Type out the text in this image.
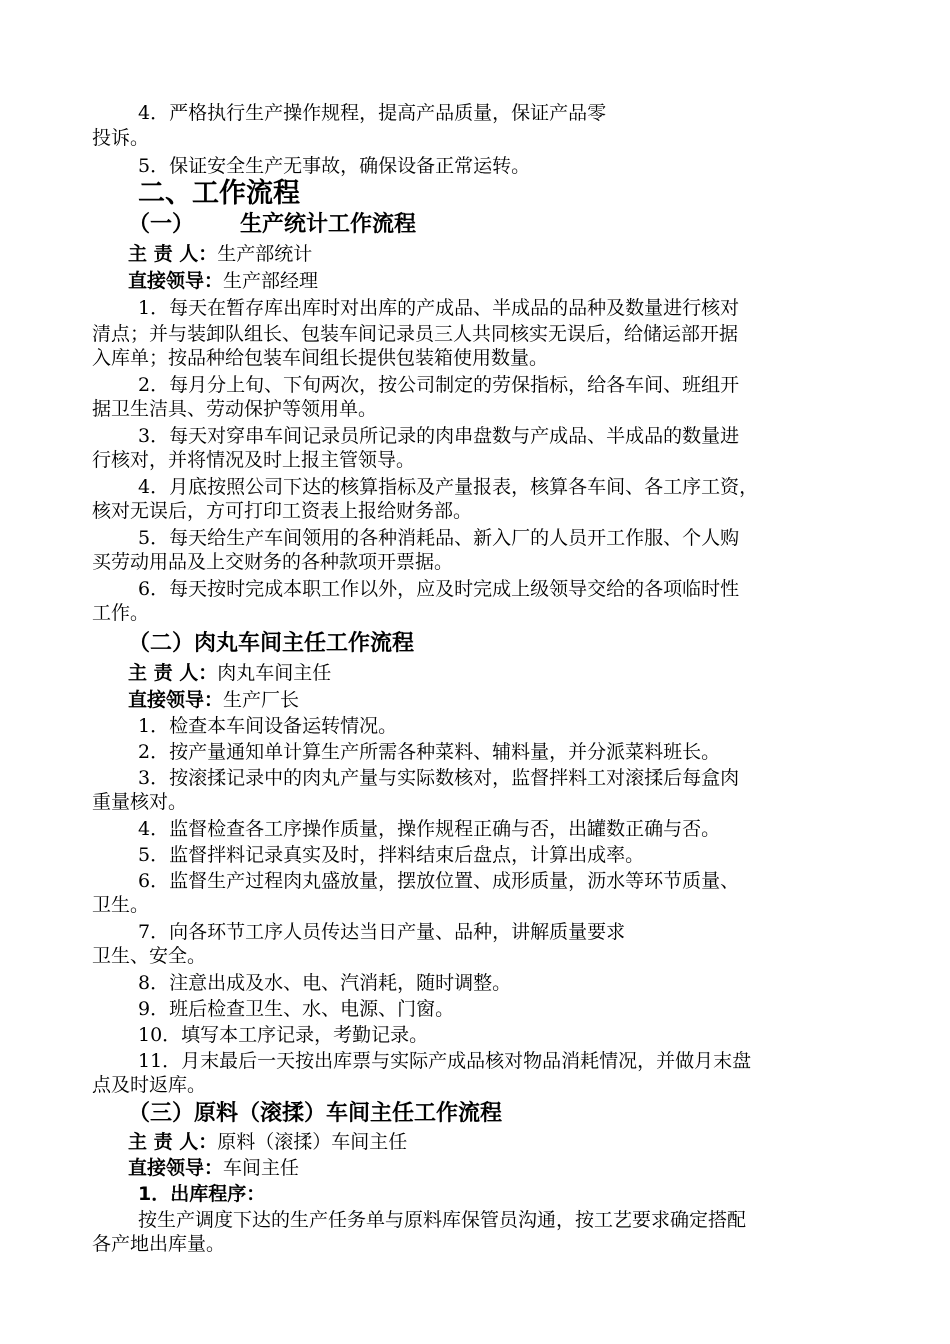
4．严格执行生产操作规程，提高产品质量，保证产品零
投诉。
5．保证安全生产无事故，确保设备正常运转。
二、工作流程
（一） 生产统计工作流程
主 责 人：生产部统计
直接领导：生产部经理
1．每天在暂存库出库时对出库的产成品、半成品的品种及数量进行核对
清点；并与装卸队组长、包装车间记录员三人共同核实无误后，给储运部开据
入库单；按品种给包装车间组长提供包装箱使用数量。
2．每月分上旬、下旬两次，按公司制定的劳保指标，给各车间、班组开
据卫生洁具、劳动保护等领用单。
3．每天对穿串车间记录员所记录的肉串盘数与产成品、半成品的数量进
行核对，并将情况及时上报主管领导。
4．月底按照公司下达的核算指标及产量报表，核算各车间、各工序工资，
核对无误后，方可打印工资表上报给财务部。
5．每天给生产车间领用的各种消耗品、新入厂的人员开工作服、个人购
买劳动用品及上交财务的各种款项开票据。
6．每天按时完成本职工作以外，应及时完成上级领导交给的各项临时性
工作。
（二）肉丸车间主任工作流程
主 责 人：肉丸车间主任
直接领导：生产厂长
1．检查本车间设备运转情况。
2．按产量通知单计算生产所需各种菜料、辅料量，并分派菜料班长。
3．按滚揉记录中的肉丸产量与实际数核对，监督拌料工对滚揉后每盒肉
重量核对。
4．监督检查各工序操作质量，操作规程正确与否，出罐数正确与否。
5．监督拌料记录真实及时，拌料结束后盘点，计算出成率。
6．监督生产过程肉丸盛放量，摆放位置、成形质量，沥水等环节质量、
卫生。
7．向各环节工序人员传达当日产量、品种，讲解质量要求
卫生、安全。
8．注意出成及水、电、汽消耗，随时调整。
9．班后检查卫生、水、电源、门窗。
10．填写本工序记录，考勤记录。
11．月末最后一天按出库票与实际产成品核对物品消耗情况，并做月末盘
点及时返库。
（三）原料（滚揉）车间主任工作流程
主 责 人：原料（滚揉）车间主任
直接领导：车间主任
1．出库程序：
按生产调度下达的生产任务单与原料库保管员沟通，按工艺要求确定搭配
各产地出库量。
